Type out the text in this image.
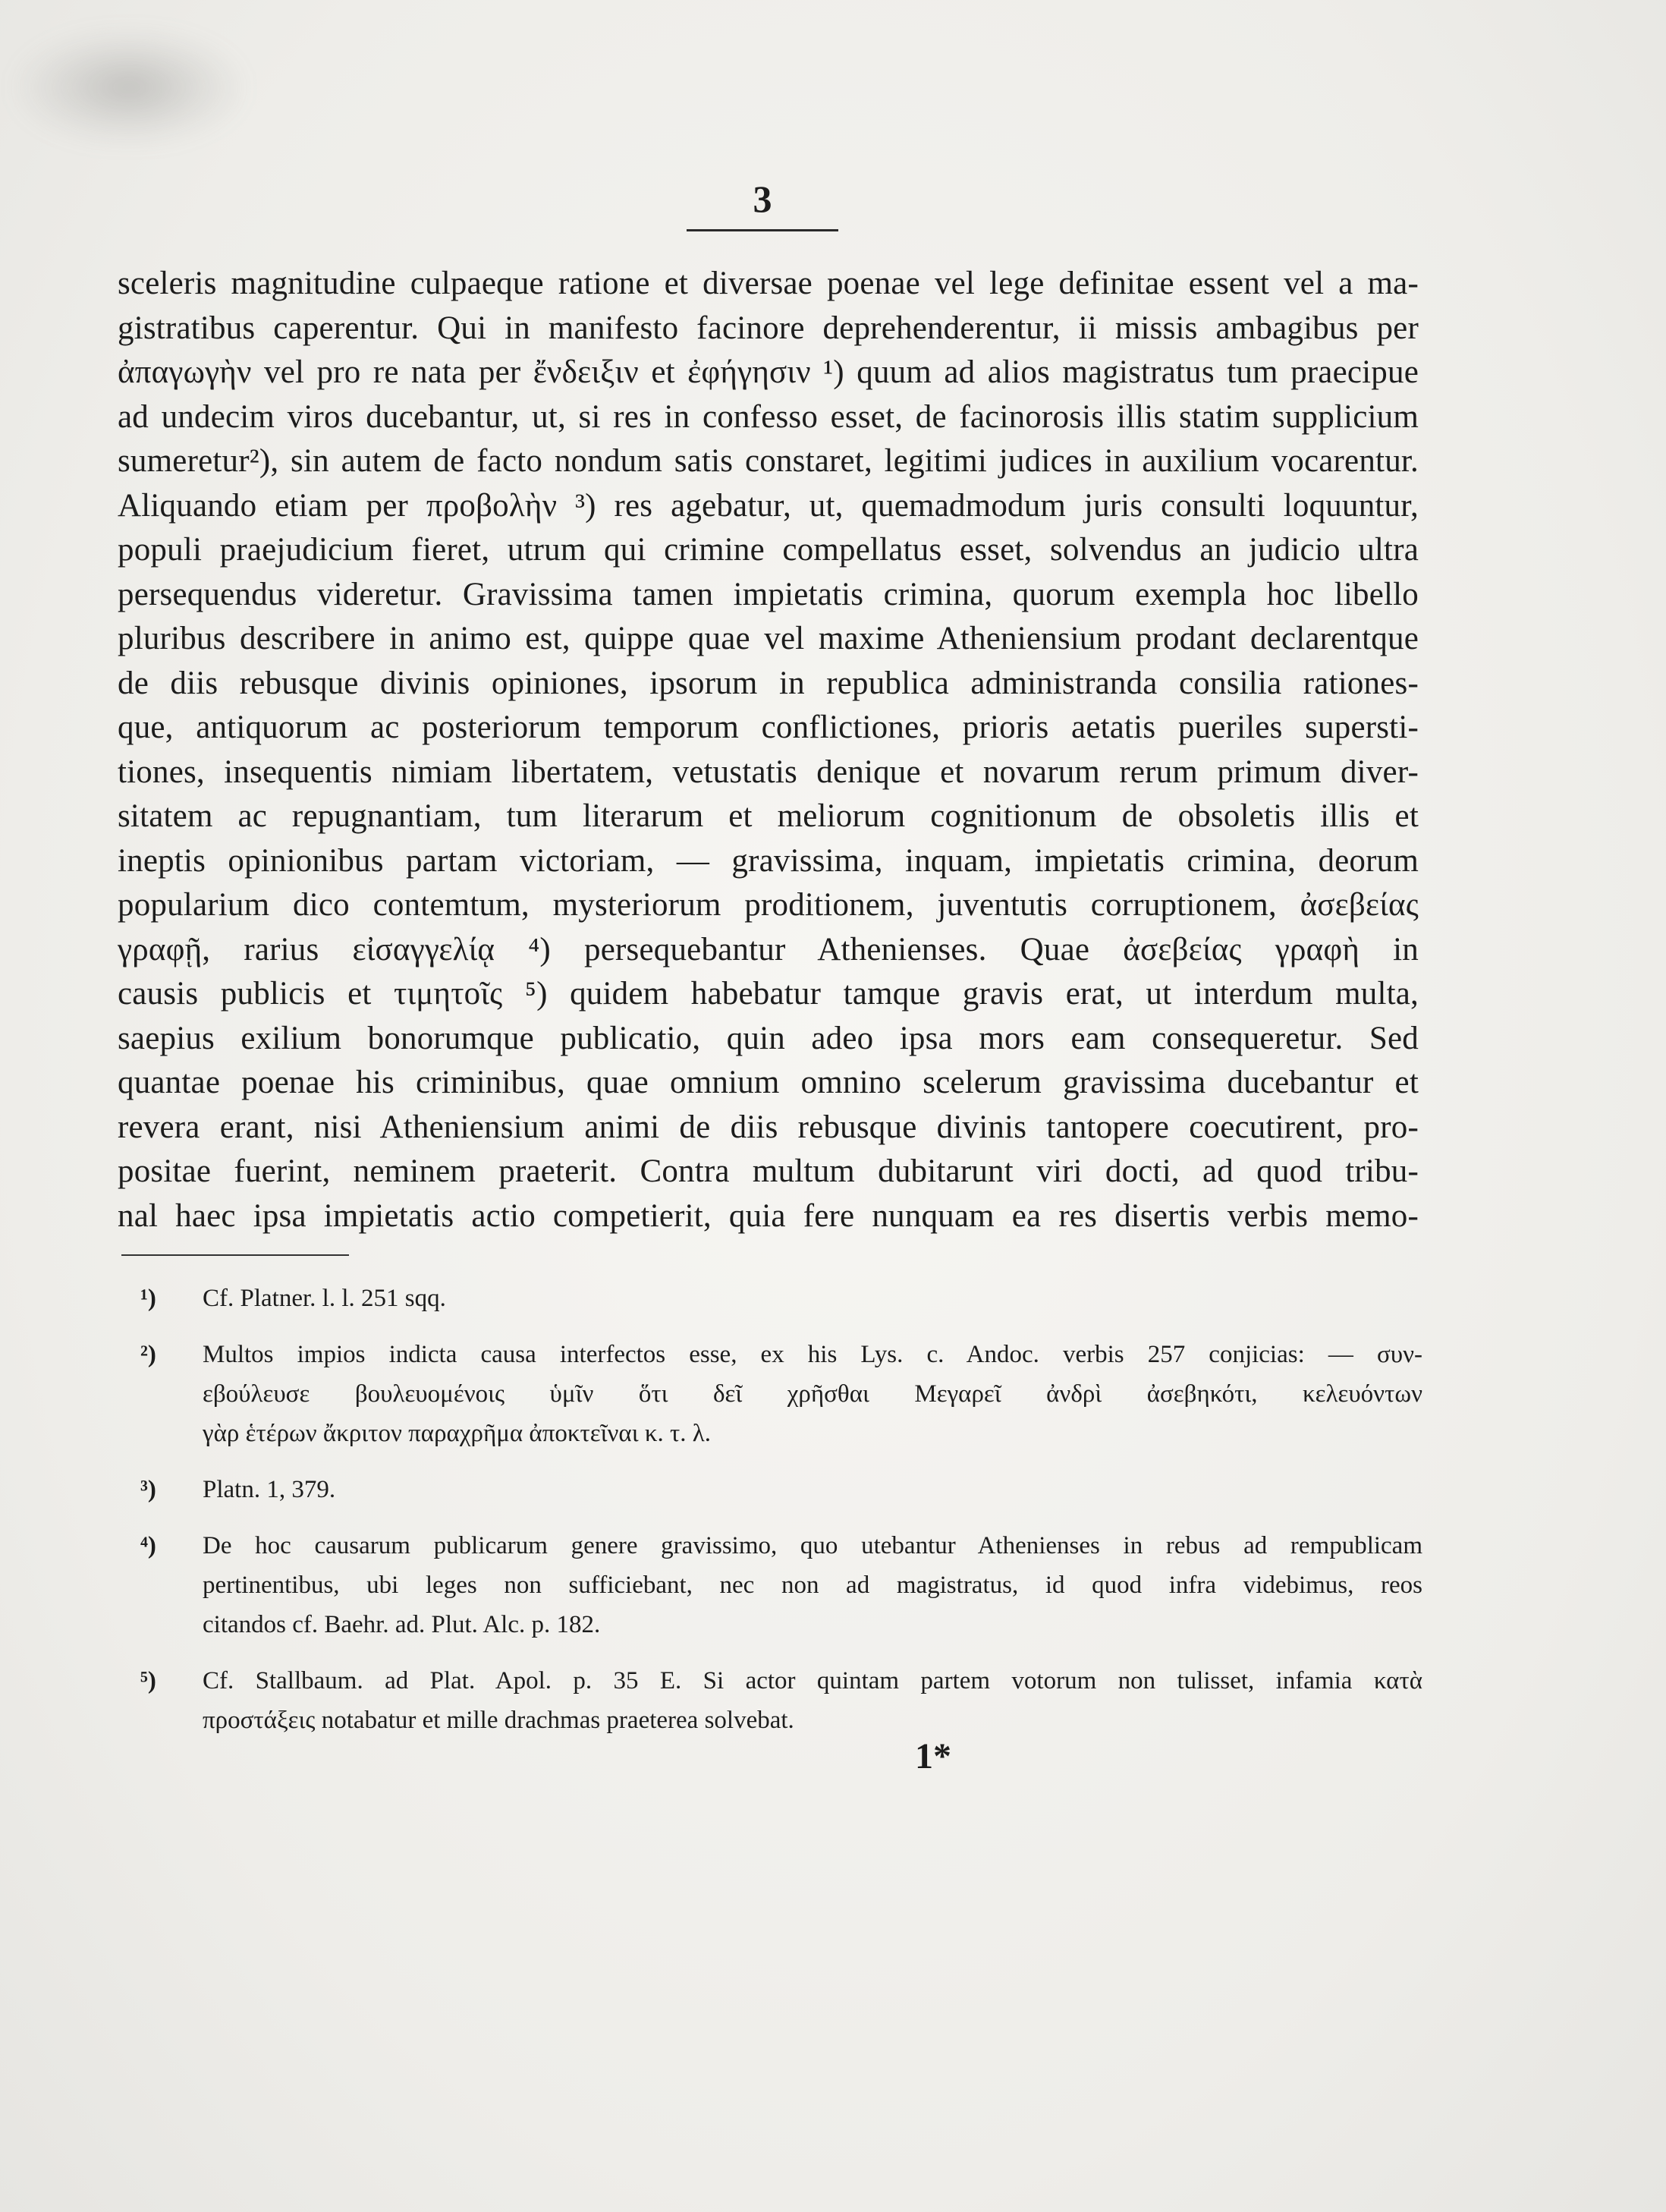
3
sceleris magnitudine culpaeque ratione et diversae poenae vel lege definitae essent vel a ma-
gistratibus caperentur. Qui in manifesto facinore deprehenderentur, ii missis ambagibus per
ἀπαγωγὴν vel pro re nata per ἔνδειξιν et ἐφήγησιν ¹) quum ad alios magistratus tum praecipue
ad undecim viros ducebantur, ut, si res in confesso esset, de facinorosis illis statim supplicium
sumeretur²), sin autem de facto nondum satis constaret, legitimi judices in auxilium vocarentur.
Aliquando etiam per προβολὴν ³) res agebatur, ut, quemadmodum juris consulti loquuntur,
populi praejudicium fieret, utrum qui crimine compellatus esset, solvendus an judicio ultra
persequendus videretur. Gravissima tamen impietatis crimina, quorum exempla hoc libello
pluribus describere in animo est, quippe quae vel maxime Atheniensium prodant declarentque
de diis rebusque divinis opiniones, ipsorum in republica administranda consilia rationes-
que, antiquorum ac posteriorum temporum conflictiones, prioris aetatis pueriles supersti-
tiones, insequentis nimiam libertatem, vetustatis denique et novarum rerum primum diver-
sitatem ac repugnantiam, tum literarum et meliorum cognitionum de obsoletis illis et
ineptis opinionibus partam victoriam, — gravissima, inquam, impietatis crimina, deorum
popularium dico contemtum, mysteriorum proditionem, juventutis corruptionem, ἀσεβείας
γραφῇ, rarius εἰσαγγελίᾳ ⁴) persequebantur Athenienses. Quae ἀσεβείας γραφὴ in
causis publicis et τιμητοῖς ⁵) quidem habebatur tamque gravis erat, ut interdum multa,
saepius exilium bonorumque publicatio, quin adeo ipsa mors eam consequeretur. Sed
quantae poenae his criminibus, quae omnium omnino scelerum gravissima ducebantur et
revera erant, nisi Atheniensium animi de diis rebusque divinis tantopere coecutirent, pro-
positae fuerint, neminem praeterit. Contra multum dubitarunt viri docti, ad quod tribu-
nal haec ipsa impietatis actio competierit, quia fere nunquam ea res disertis verbis memo-
¹) Cf. Platner. l. l. 251 sqq.
²) Multos impios indicta causa interfectos esse, ex his Lys. c. Andoc. verbis 257 conjicias: — συν-
εβούλευσε βουλευομένοις ὑμῖν ὅτι δεῖ χρῆσθαι Μεγαρεῖ ἀνδρὶ ἀσεβηκότι, κελευόντων
γὰρ ἑτέρων ἄκριτον παραχρῆμα ἀποκτεῖναι κ. τ. λ.
³) Platn. 1, 379.
⁴) De hoc causarum publicarum genere gravissimo, quo utebantur Athenienses in rebus ad rempublicam
pertinentibus, ubi leges non sufficiebant, nec non ad magistratus, id quod infra videbimus, reos
citandos cf. Baehr. ad. Plut. Alc. p. 182.
⁵) Cf. Stallbaum. ad Plat. Apol. p. 35 E. Si actor quintam partem votorum non tulisset, infamia κατὰ
προστάξεις notabatur et mille drachmas praeterea solvebat.
1*
